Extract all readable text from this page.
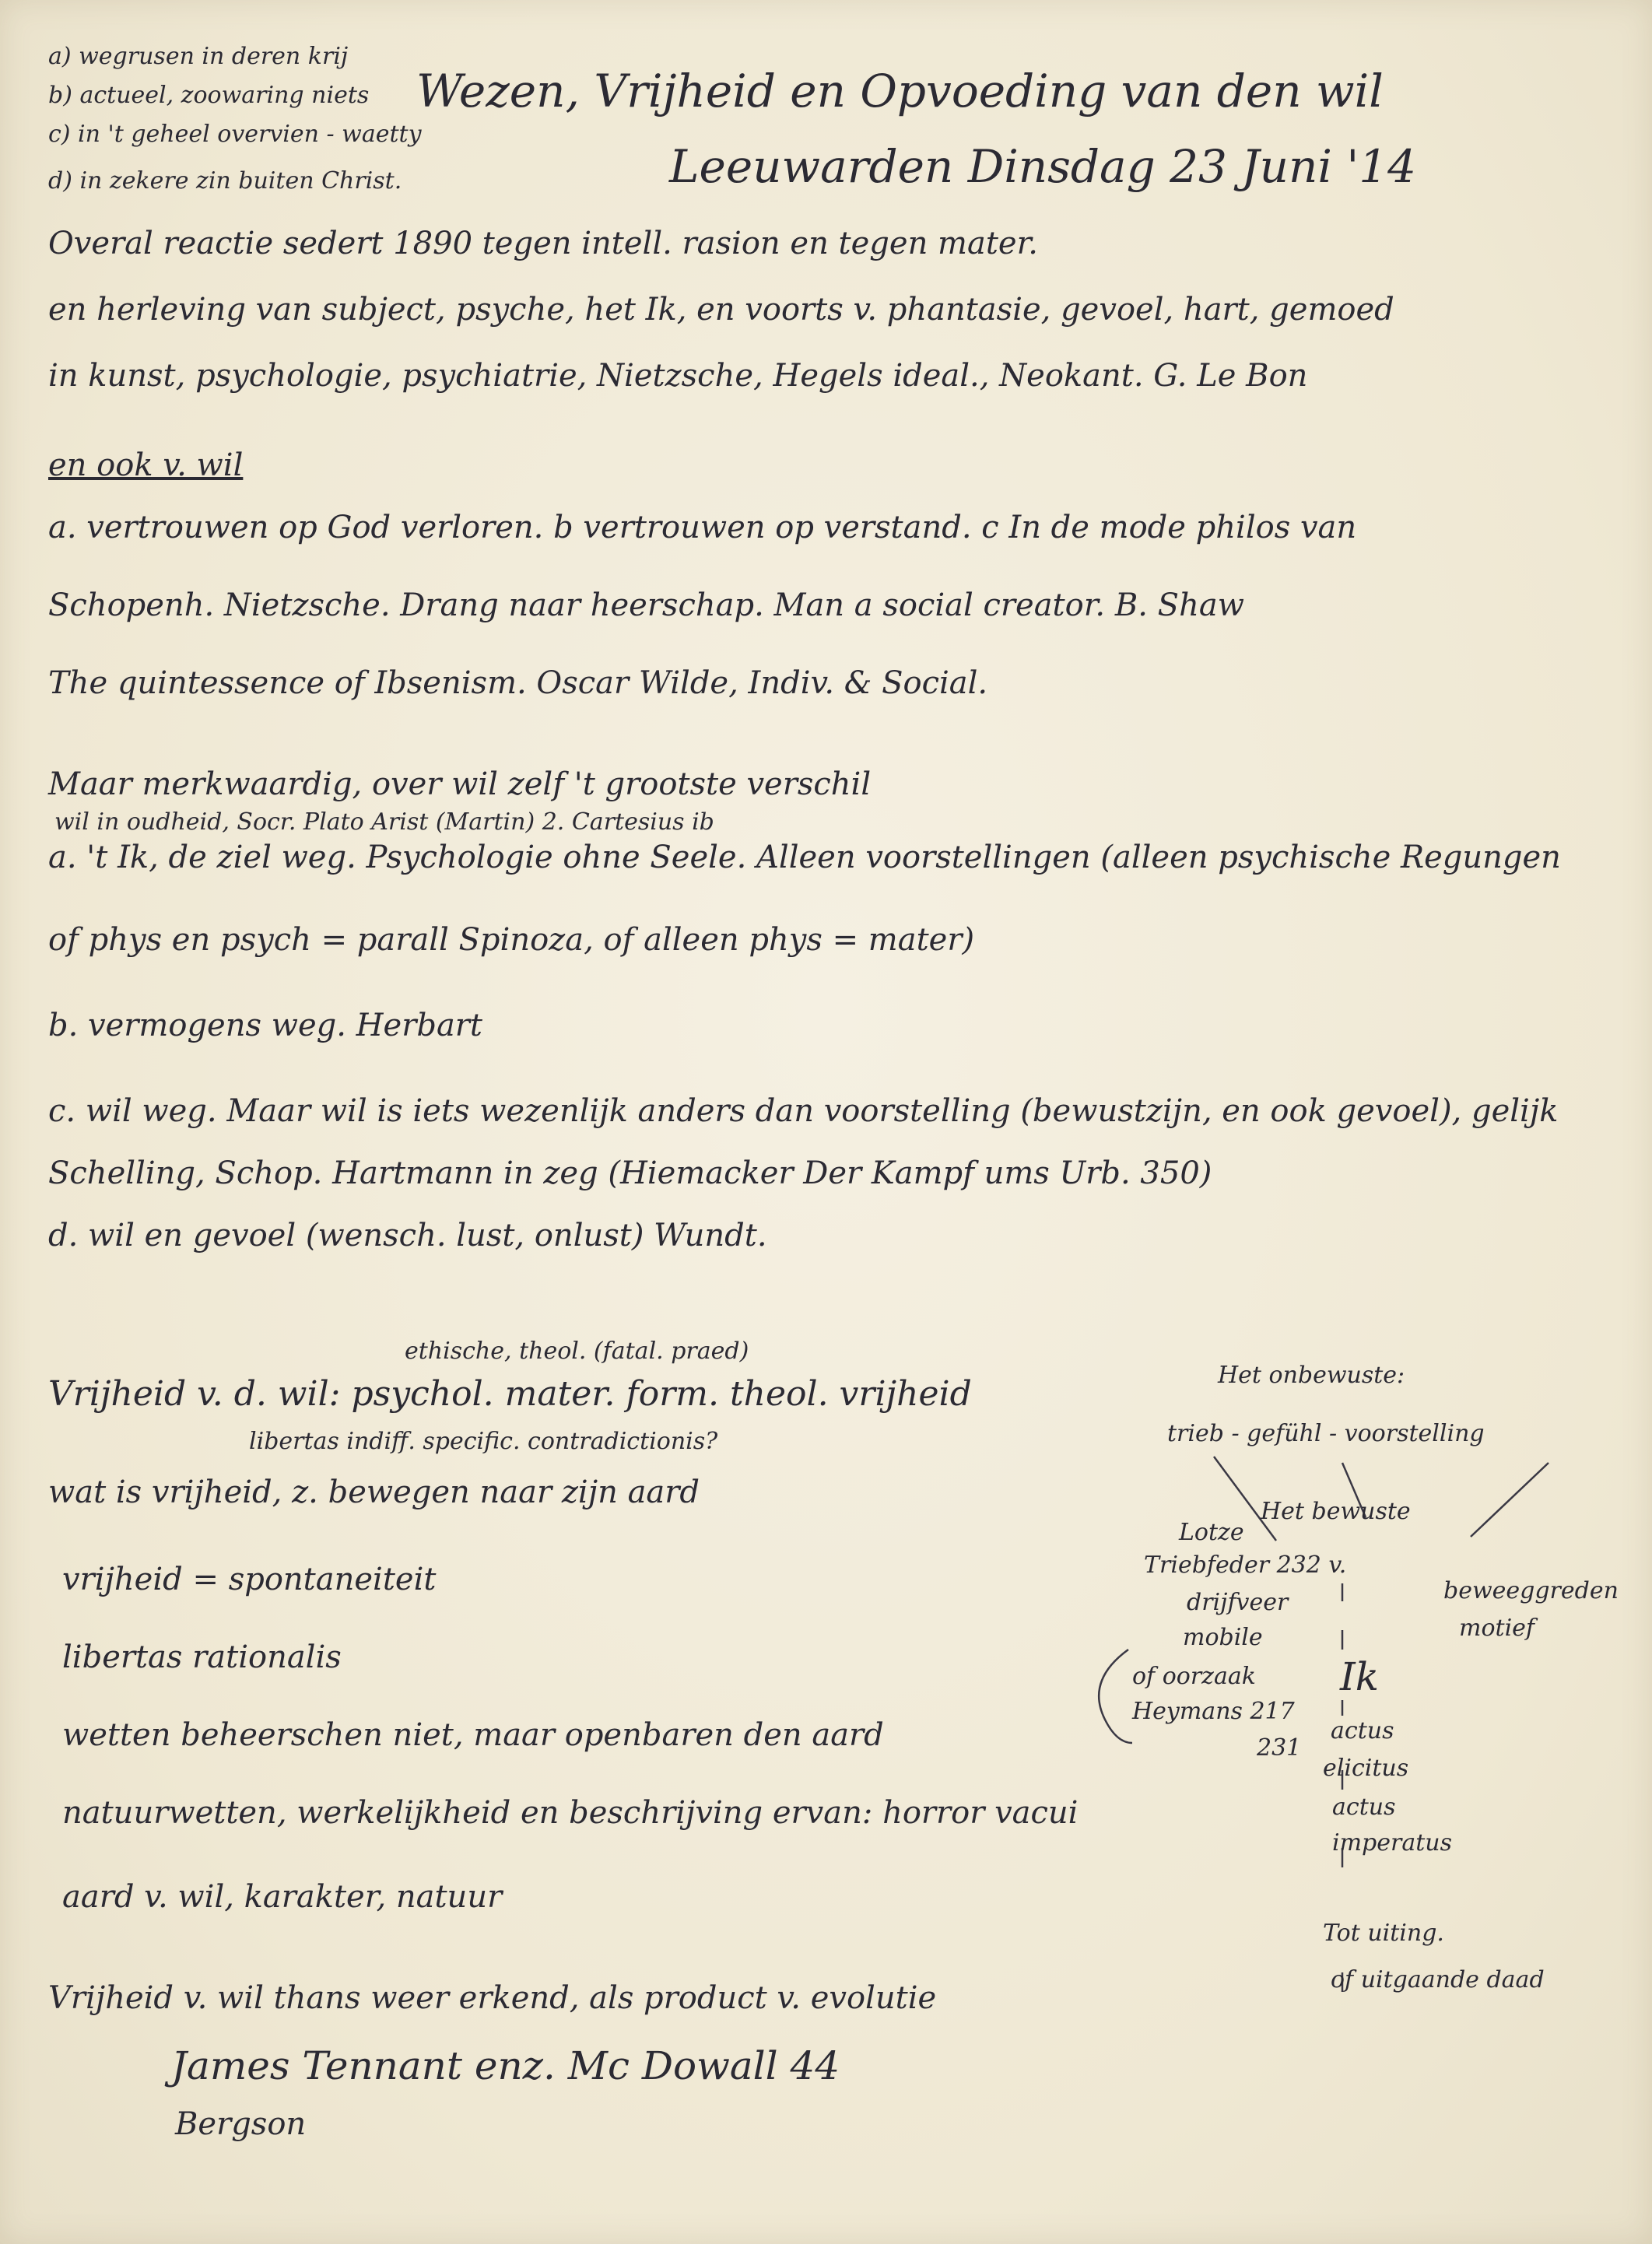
a) wegrusen in deren krij
b) actueel, zoowaring niets
c) in 't geheel overvien - waetty
d) in zekere zin buiten Christ.
Wezen, Vrijheid en Opvoeding van den wil
Leeuwarden Dinsdag 23 Juni '14
Overal reactie sedert 1890 tegen intell. rasion en tegen mater.
en herleving van subject, psyche, het Ik, en voorts v. phantasie, gevoel, hart, gemoed
in kunst, psychologie, psychiatrie, Nietzsche, Hegels ideal., Neokant. G. Le Bon
en ook v. wil
a. vertrouwen op God verloren. b vertrouwen op verstand. c In de mode philos van
Schopenh. Nietzsche. Drang naar heerschap. Man a social creator. B. Shaw
The quintessence of Ibsenism. Oscar Wilde, Indiv. & Social.
Maar merkwaardig, over wil zelf 't grootste verschil
wil in oudheid, Socr. Plato Arist (Martin) 2. Cartesius ib
a. 't Ik, de ziel weg. Psychologie ohne Seele. Alleen voorstellingen (alleen psychische Regungen
of phys en psych = parall Spinoza, of alleen phys = mater)
b. vermogens weg. Herbart
c. wil weg. Maar wil is iets wezenlijk anders dan voorstelling (bewustzijn, en ook gevoel), gelijk
Schelling, Schop. Hartmann in zeg (Hiemacker Der Kampf ums Urb. 350)
d. wil en gevoel (wensch. lust, onlust) Wundt.
ethische, theol. (fatal. praed)
Vrijheid v. d. wil: psychol. mater. form. theol. vrijheid
libertas indiff. specific. contradictionis?
wat is vrijheid, z. bewegen naar zijn aard
vrijheid = spontaneiteit
libertas rationalis
wetten beheerschen niet, maar openbaren den aard
natuurwetten, werkelijkheid en beschrijving ervan: horror vacui
aard v. wil, karakter, natuur
Vrijheid v. wil thans weer erkend, als product v. evolutie
James Tennant enz. Mc Dowall 44
Bergson
Het onbewuste:
trieb - gefühl - voorstelling
Het bewuste
Lotze
Triebfeder 232 v.
drijfveer
mobile
of oorzaak
Heymans 217
231
beweeggreden
motief
Ik
actus
elicitus
actus
imperatus
Tot uiting.
of uitgaande daad
